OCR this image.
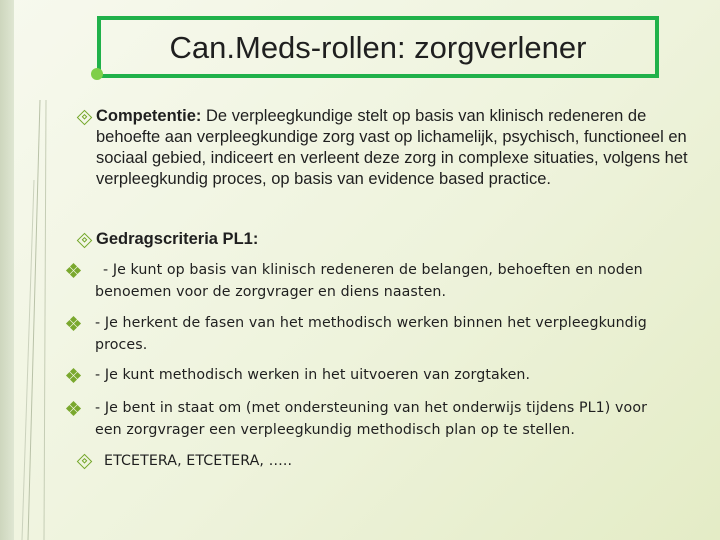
Can.Meds-rollen: zorgverlener
Competentie: De verpleegkundige stelt op basis van klinisch redeneren de behoefte aan verpleegkundige zorg vast op lichamelijk, psychisch, functioneel en sociaal gebied, indiceert en verleent deze zorg in complexe situaties, volgens het verpleegkundig proces, op basis van evidence based practice.
Gedragscriteria PL1:
- Je kunt op basis van klinisch redeneren de belangen, behoeften en noden
benoemen voor de zorgvrager en diens naasten.
- Je herkent de fasen van het methodisch werken binnen het verpleegkundig
proces.
- Je kunt methodisch werken in het uitvoeren van zorgtaken.
- Je bent in staat om (met ondersteuning van het onderwijs tijdens PL1) voor
een zorgvrager een verpleegkundig methodisch plan op te stellen.
ETCETERA, ETCETERA, …..
